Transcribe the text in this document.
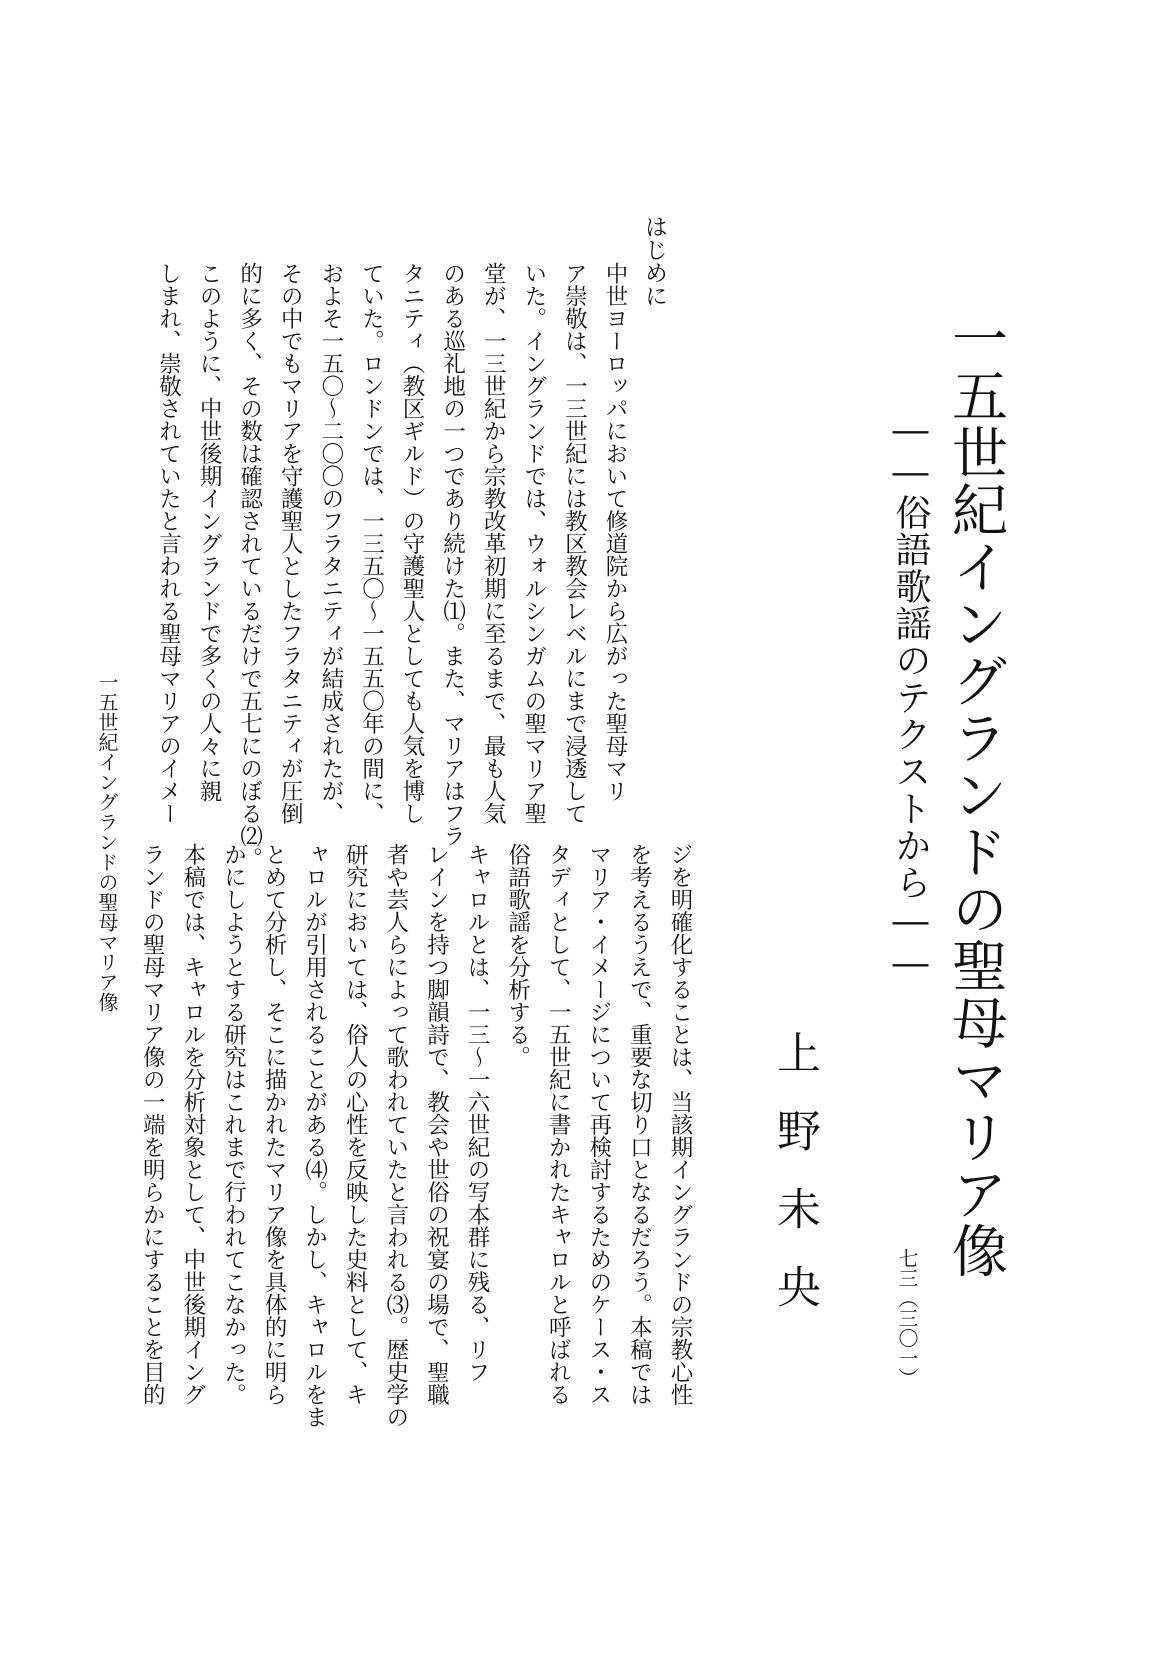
一五世紀イングランドの聖母マリア像
――俗語歌謡のテクストから――
上野未央
はじめに

中世ヨーロッパにおいて修道院から広がった聖母マリ

ア崇敬は、一三世紀には教区教会レベルにまで浸透して

いた。イングランドでは、ウォルシンガムの聖マリア聖

堂が、一三世紀から宗教改革初期に至るまで、最も人気

のある巡礼地の一つであり続けた⑴。また、マリアはフラ

タニティ（教区ギルド）の守護聖人としても人気を博し

ていた。ロンドンでは、一三五〇～一五五〇年の間に、

およそ一五〇～二〇〇のフラタニティが結成されたが、

その中でもマリアを守護聖人としたフラタニティが圧倒

的に多く、その数は確認されているだけで五七にのぼる⑵。

このように、中世後期イングランドで多くの人々に親

しまれ、崇敬されていたと言われる聖母マリアのイメー

ジを明確化することは、当該期イングランドの宗教心性

を考えるうえで、重要な切り口となるだろう。本稿では

マリア・イメージについて再検討するためのケース・ス

タディとして、一五世紀に書かれたキャロルと呼ばれる

俗語歌謡を分析する。

キャロルとは、一三～一六世紀の写本群に残る、リフ

レインを持つ脚韻詩で、教会や世俗の祝宴の場で、聖職

者や芸人らによって歌われていたと言われる⑶。歴史学の

研究においては、俗人の心性を反映した史料として、キ

ャロルが引用されることがある⑷。しかし、キャロルをま

とめて分析し、そこに描かれたマリア像を具体的に明ら

かにしようとする研究はこれまで行われてこなかった。

本稿では、キャロルを分析対象として、中世後期イング

ランドの聖母マリア像の一端を明らかにすることを目的

一五世紀イングランドの聖母マリア像
七三（三〇一）
